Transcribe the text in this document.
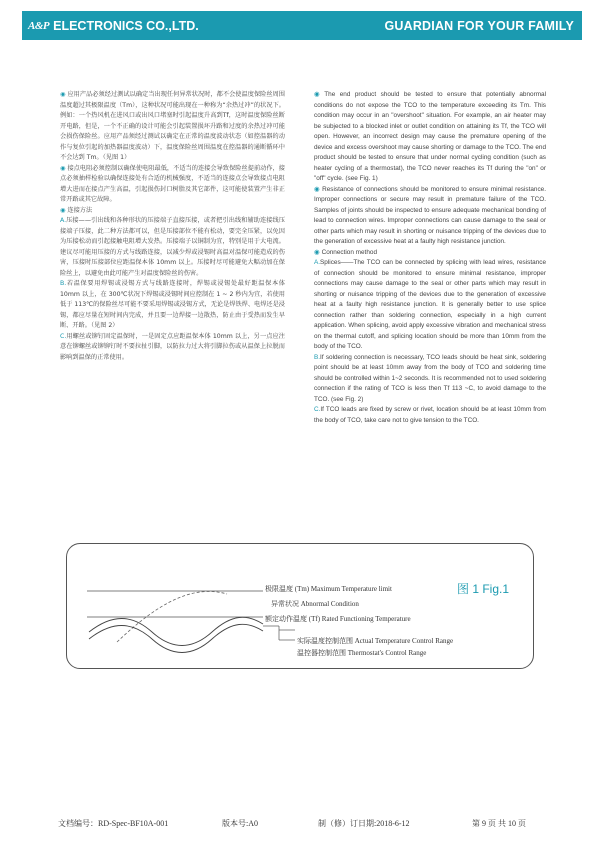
A&P ELECTRONICS CO.,LTD.	GUARDIAN FOR YOUR FAMILY
◉ 应用产品必须经过测试以确定当出现任何异常状况时，都不会使温度保险丝周围温度超过其极限温度（Tm），这种状况可能出现在一种称为“余热过冲”的状况下。例如：一个热风机在进风口或出风口堵塞时引起温度升高到Tf，这时温度保险丝断开电路，但是，一个不正确的设计可能会引起装置损坏升路和过度的余热过冲可能会损伤保险丝。应用产品须经过测试以确定在正常的温度波动状态（如控温器的动作与复位引起的加热器温度波动）下，温度保险丝周围温度在控温器的通断循环中不会达到 Tm。（见图 1）
◉ 接点电阻必须控制以确保使电阻最低，不适当的连接会导致保险丝提前动作，接点必须抽样检验以确保连接处有合适的机械强度，不适当的连接点会导致接点电阻增大进而在接点产生高温，引起损伤封口树脂及其它部件，这可能使装置产生非正常开路或其它故障。
◉ 连接方法
A.压接——引出线和各种形状的压接端子直接压接，或者把引出线和辅助连接线压接端子压接，此二种方法都可以，但是压接部位不能有松动，要完全压紧，以免因为压接松动而引起接触电阻增大发热。压接端子以铜制为宜，特别是用于大电流。建议尽可能用压接的方式与线路连接，以减少焊或浸锡时高温对温保可能造成的伤害，压接时压接部位应距温保本体 10mm 以上。压接时尽可能避免大幅动加在保险丝上，以避免由此可能产生对温度保险丝的伤害。
B.若温保要用焊锡或浸锡方式与线路连接时，焊锡或浸锡处最好距温保本体 10mm 以上，在 300℃状况下焊锡或浸锡时间应控制在 1 ~ 2 秒内为宜，若使用低于 113℃的保险丝尽可能不要采用焊锡或浸锡方式，无论是焊铁焊、电焊还是浸锡，都应尽量在短时间内完成，并且要一边焊接一边散热，防止由于受热而发生早断、开路。（见图 2）
C.用螺丝或铆钉固定温保时，一是固定点应距温保本体 10mm 以上，另一点应注意在铆螺丝或铆铆钉时不要拉扯引脚，以防拉力过大将引脚拉伤或从温保上拉脱而影响到温保的正常使用。
◉ The end product should be tested to ensure that potentially abnormal conditions do not expose the TCO to the temperature exceeding its Tm. This condition may occur in an "overshoot" situation. For example, an air heater may be subjected to a blocked inlet or outlet condition on attaining its Tf, the TCO will open. However, an incorrect design may cause the premature opening of the device and excess overshoot may cause shorting or damage to the TCO. The end product should be tested to ensure that under normal cycling condition (such as heater cycling of a thermostat), the TCO never reaches its Tf during the "on" or "off" cycle. (see Fig. 1)
◉ Resistance of connections should be monitored to ensure minimal resistance. Improper connections or secure may result in premature failure of the TCO. Samples of joints should be inspected to ensure adequate mechanical bonding of lead to connection wires. Improper connections can cause damage to the seal or other parts which may result in shorting or nuisance tripping of the devices due to the generation of excessive heat at a faulty high resistance junction.
◉ Connection method
A.Splices——The TCO can be connected by splicing with lead wires, resistance of connection should be monitored to ensure minimal resistance, improper connections may cause damage to the seal or other parts which may result in shorting or nuisance tripping of the devices due to the generation of excessive heat at a faulty high resistance junction. It is generally better to use splice connection rather than soldering connection, especially in a high current application. When splicing, avoid apply excessive vibration and mechanical stress on the thermal cutoff, and splicing location should be more than 10mm from the body of the TCO.
B.If soldering connection is necessary, TCO leads should be heat sink, soldering point should be at least 10mm away from the body of TCO and soldering time should be controlled within 1~2 seconds. It is recommended not to used soldering connection if the rating of TCO is less then Tf 113 ~C, to avoid damage to the TCO. (see Fig. 2)
C.If TCO leads are fixed by screw or rivet, location should be at least 10mm from the body of TCO, take care not to give tension to the TCO.
极限温度 (Tm) Maximum Temperature limit
异常状况 Abnormal Condition
额定动作温度 (Tf) Rated Functioning Temperature
实际温度控制范围 Actual Temperature Control Range
温控器控制范围 Thermostat's Control Range
图 1 Fig.1
文档编号：RD-Spec-BF10A-001	版本号:A0	制（修）订日期:2018-6-12	第 9 页 共 10 页
